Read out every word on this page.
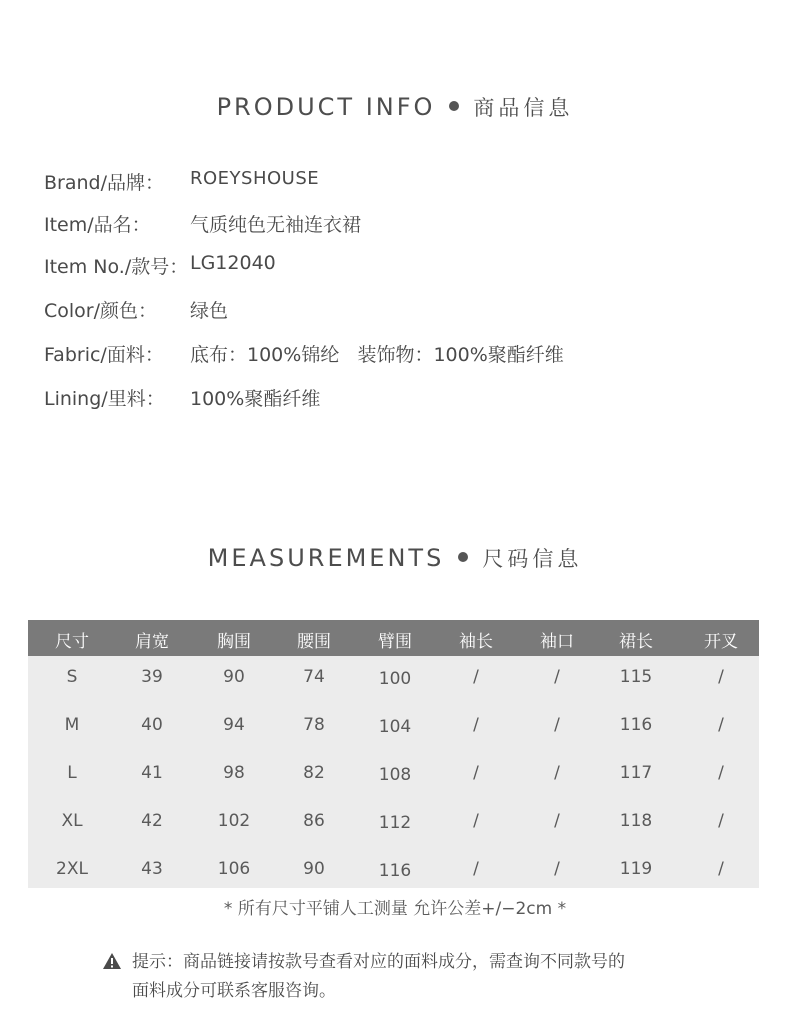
PRODUCT INFO 商品信息
Brand/品牌： ROEYSHOUSE
Item/品名： 气质纯色无袖连衣裙
Item No./款号： LG12040
Color/颜色： 绿色
Fabric/面料： 底布：100%锦纶   装饰物：100%聚酯纤维
Lining/里料： 100%聚酯纤维
MEASUREMENTS 尺码信息
尺寸	肩宽	胸围	腰围	臂围	袖长	袖口	裙长	开叉
S	39	90	74	100	/	/	115	/
M	40	94	78	104	/	/	116	/
L	41	98	82	108	/	/	117	/
XL	42	102	86	112	/	/	118	/
2XL	43	106	90	116	/	/	119	/
* 所有尺寸平铺人工测量 允许公差+/−2cm *
提示：商品链接请按款号查看对应的面料成分，需查询不同款号的
面料成分可联系客服咨询。
